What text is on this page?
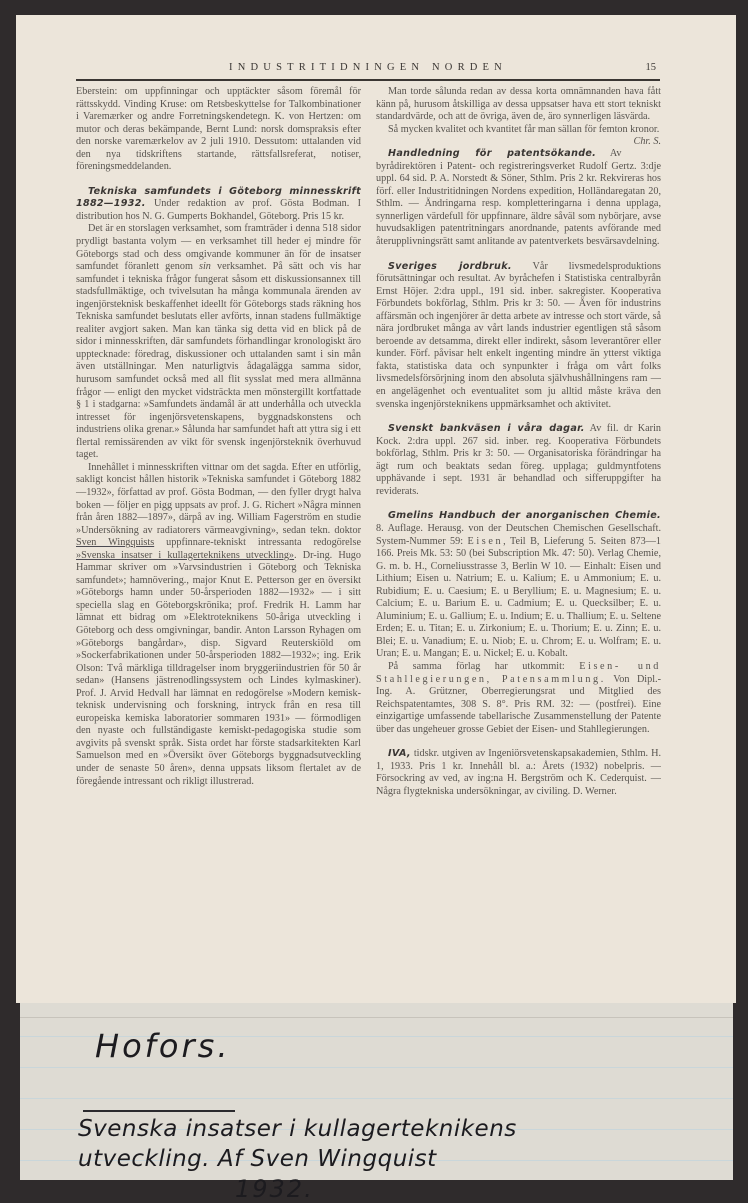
INDUSTRITIDNINGEN NORDEN	15

Eberstein: om uppfinningar och upptäckter såsom föremål för rättsskydd. Vinding Kruse: om Retsbeskyttelse for Talkombinationer i Varemærker og andre Forretningskendetegn. K. von Hertzen: om mutor och deras bekämpande, Bernt Lund: norsk domspraksis efter den norske varemærkelov av 2 juli 1910. Dessutom: uttalanden vid den nya tidskriftens startande, rättsfallsreferat, notiser, föreningsmeddelanden.

Tekniska samfundets i Göteborg minnesskrift 1882—1932. Under redaktion av prof. Gösta Bodman. I distribution hos N. G. Gumperts Bokhandel, Göteborg. Pris 15 kr.

Det är en storslagen verksamhet, som framträder i denna 518 sidor prydligt bastanta volym — en verksamhet till heder ej mindre för Göteborgs stad och dess omgivande kommuner än för de insatser samfundet föranlett genom sin verksamhet. På sätt och vis har samfundet i tekniska frågor fungerat såsom ett diskussionsannex till stadsfullmäktige, och tvivelsutan ha många kommunala ärenden av ingenjörsteknisk beskaffenhet ideellt för Göteborgs stads räkning hos Tekniska samfundet beslutats eller avförts, innan stadens fullmäktige realiter avgjort saken. Man kan tänka sig detta vid en blick på de sidor i minnesskriften, där samfundets förhandlingar kronologiskt äro upptecknade: föredrag, diskussioner och uttalanden samt i sin mån även utställningar. Men naturligtvis ådagalägga samma sidor, hurusom samfundet också med all flit sysslat med mera allmänna frågor — enligt den mycket vidsträckta men mönstergillt kortfattade § 1 i stadgarna: »Samfundets ändamål är att underhålla och utveckla intresset för ingenjörsvetenskapens, byggnadskonstens och industriens olika grenar.» Sålunda har samfundet haft att yttra sig i ett flertal remissärenden av vikt för svensk ingenjörsteknik överhuvud taget.

Innehållet i minnesskriften vittnar om det sagda. Efter en utförlig, sakligt koncist hållen historik »Tekniska samfundet i Göteborg 1882—1932», författad av prof. Gösta Bodman, — den fyller drygt halva boken — följer en pigg uppsats av prof. J. G. Richert »Några minnen från åren 1882—1897», därpå av ing. William Fagerström en studie »Undersökning av radiatorers värmeavgivning», sedan tekn. doktor Sven Wingquists uppfinnare-tekniskt intressanta redogörelse »Svenska insatser i kullagerteknikens utveckling». Dr-ing. Hugo Hammar skriver om »Varvsindustrien i Göteborg och Tekniska samfundet»; hamnövering., major Knut E. Petterson ger en översikt »Göteborgs hamn under 50-årsperioden 1882—1932» — i sitt speciella slag en Göteborgskrönika; prof. Fredrik H. Lamm har lämnat ett bidrag om »Elektroteknikens 50-åriga utveckling i Göteborg och dess omgivningar, bandir. Anton Larsson Ryhagen om »Göteborgs bangårdar», disp. Sigvard Reuterskiöld om »Sockerfabrikationen under 50-årsperioden 1882—1932»; ing. Erik Olson: Två märkliga tilldragelser inom bryggeriindustrien för 50 år sedan» (Hansens jästrenodlingssystem och Lindes kylmaskiner). Prof. J. Arvid Hedvall har lämnat en redogörelse »Modern kemisk-teknisk undervisning och forskning, intryck från en resa till europeiska kemiska laboratorier sommaren 1931» — förmodligen den nyaste och fullständigaste kemiskt-pedagogiska studie som avgivits på svenskt språk. Sista ordet har förste stadsarkitekten Karl Samuelson med en »Översikt över Göteborgs byggnadsutveckling under de senaste 50 åren», denna uppsats liksom flertalet av de föregående intressant och rikligt illustrerad.

Man torde sålunda redan av dessa korta omnämnanden hava fått känn på, hurusom åtskilliga av dessa uppsatser hava ett stort tekniskt standardvärde, och att de övriga, även de, äro synnerligen läsvärda.

Så mycken kvalitet och kvantitet får man sällan för femton kronor.
Chr. S.

Handledning för patentsökande. Av byrådirektören i Patent- och registreringsverket Rudolf Gertz. 3:dje uppl. 64 sid. P. A. Norstedt & Söner, Sthlm. Pris 2 kr. Rekvireras hos förf. eller Industritidningen Nordens expedition, Holländaregatan 20, Sthlm. — Ändringarna resp. kompletteringarna i denna upplaga, synnerligen värdefull för uppfinnare, äldre såväl som nybörjare, avse huvudsakligen patentritningars anordnande, patents avförande med återupplivningsrätt samt anlitande av patentverkets besvärsavdelning.

Sveriges jordbruk. Vår livsmedelsproduktions förutsättningar och resultat. Av byråchefen i Statistiska centralbyrån Ernst Höjer. 2:dra uppl., 191 sid. inber. sakregister. Kooperativa Förbundets bokförlag, Sthlm. Pris kr 3: 50. — Även för industrins affärsmän och ingenjörer är detta arbete av intresse och stort värde, så nära jordbruket många av vårt lands industrier egentligen stå såsom beroende av detsamma, direkt eller indirekt, såsom leverantörer eller kunder. Förf. påvisar helt enkelt ingenting mindre än ytterst viktiga fakta, statistiska data och synpunkter i fråga om vårt folks livsmedelsförsörjning inom den absoluta självhushållningens ram — en angelägenhet och eventualitet som ju alltid måste kräva den svenska ingenjörsteknikens uppmärksamhet och aktivitet.

Svenskt bankväsen i våra dagar. Av fil. dr Karin Kock. 2:dra uppl. 267 sid. inber. reg. Kooperativa Förbundets bokförlag, Sthlm. Pris kr 3: 50. — Organisatoriska förändringar ha ägt rum och beaktats sedan föreg. upplaga; guldmyntfotens upphävande i sept. 1931 är behandlad och sifferuppgifter ha reviderats.

Gmelins Handbuch der anorganischen Chemie. 8. Auflage. Herausg. von der Deutschen Chemischen Gesellschaft. System-Nummer 59: Eisen, Teil B, Lieferung 5. Seiten 873—1 166. Preis Mk. 53: 50 (bei Subscription Mk. 47: 50). Verlag Chemie, G. m. b. H., Corneliusstrasse 3, Berlin W 10. — Einhalt: Eisen und Lithium; Eisen u. Natrium; E. u. Kalium; E. u Ammonium; E. u. Rubidium; E. u. Caesium; E. u Beryllium; E. u. Magnesium; E. u. Calcium; E. u. Barium E. u. Cadmium; E. u. Quecksilber; E. u. Aluminium; E. u. Gallium; E. u. Indium; E. u. Thallium; E. u. Seltene Erden; E. u. Titan; E. u. Zirkonium; E. u. Thorium; E. u. Zinn; E. u. Blei; E. u. Vanadium; E. u. Niob; E. u. Chrom; E. u. Wolfram; E. u. Uran; E. u. Mangan; E. u. Nickel; E. u. Kobalt.

På samma förlag har utkommit: Eisen- und Stahllegierungen, Patensammlung. Von Dipl.-Ing. A. Grützner, Oberregierungsrat und Mitglied des Reichspatentamtes, 308 S. 8°. Pris RM. 32: — (postfrei). Eine einzigartige umfassende tabellarische Zusammenstellung der Patente über das ungeheuer grosse Gebiet der Eisen- und Stahllegierungen.

IVA, tidskr. utgiven av Ingeniörsvetenskapsakademien, Sthlm. H. 1, 1933. Pris 1 kr. Innehåll bl. a.: Årets (1932) nobelpris. — Försockring av ved, av ing:na H. Bergström och K. Cederquist. — Några flygtekniska undersökningar, av civiling. D. Werner.

Hofors.
Svenska insatser i kullagerteknikens
utveckling. Af Sven Wingquist
1932.
